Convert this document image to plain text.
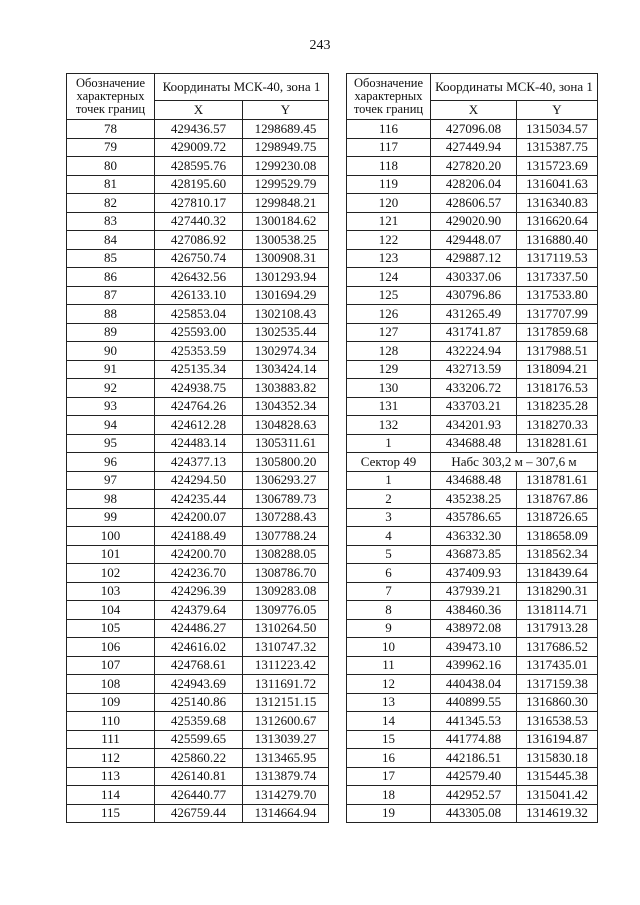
243
Обозначение характерных точек границ	Координаты МСК-40, зона 1	
	X	Y
78	429436.57	1298689.45
79	429009.72	1298949.75
80	428595.76	1299230.08
81	428195.60	1299529.79
82	427810.17	1299848.21
83	427440.32	1300184.62
84	427086.92	1300538.25
85	426750.74	1300908.31
86	426432.56	1301293.94
87	426133.10	1301694.29
88	425853.04	1302108.43
89	425593.00	1302535.44
90	425353.59	1302974.34
91	425135.34	1303424.14
92	424938.75	1303883.82
93	424764.26	1304352.34
94	424612.28	1304828.63
95	424483.14	1305311.61
96	424377.13	1305800.20
97	424294.50	1306293.27
98	424235.44	1306789.73
99	424200.07	1307288.43
100	424188.49	1307788.24
101	424200.70	1308288.05
102	424236.70	1308786.70
103	424296.39	1309283.08
104	424379.64	1309776.05
105	424486.27	1310264.50
106	424616.02	1310747.32
107	424768.61	1311223.42
108	424943.69	1311691.72
109	425140.86	1312151.15
110	425359.68	1312600.67
111	425599.65	1313039.27
112	425860.22	1313465.95
113	426140.81	1313879.74
114	426440.77	1314279.70
115	426759.44	1314664.94
Обозначение характерных точек границ	Координаты МСК-40, зона 1	
	X	Y
116	427096.08	1315034.57
117	427449.94	1315387.75
118	427820.20	1315723.69
119	428206.04	1316041.63
120	428606.57	1316340.83
121	429020.90	1316620.64
122	429448.07	1316880.40
123	429887.12	1317119.53
124	430337.06	1317337.50
125	430796.86	1317533.80
126	431265.49	1317707.99
127	431741.87	1317859.68
128	432224.94	1317988.51
129	432713.59	1318094.21
130	433206.72	1318176.53
131	433703.21	1318235.28
132	434201.93	1318270.33
1	434688.48	1318281.61
Сектор 49	Набс 303,2 м – 307,6 м	
1	434688.48	1318781.61
2	435238.25	1318767.86
3	435786.65	1318726.65
4	436332.30	1318658.09
5	436873.85	1318562.34
6	437409.93	1318439.64
7	437939.21	1318290.31
8	438460.36	1318114.71
9	438972.08	1317913.28
10	439473.10	1317686.52
11	439962.16	1317435.01
12	440438.04	1317159.38
13	440899.55	1316860.30
14	441345.53	1316538.53
15	441774.88	1316194.87
16	442186.51	1315830.18
17	442579.40	1315445.38
18	442952.57	1315041.42
19	443305.08	1314619.32
